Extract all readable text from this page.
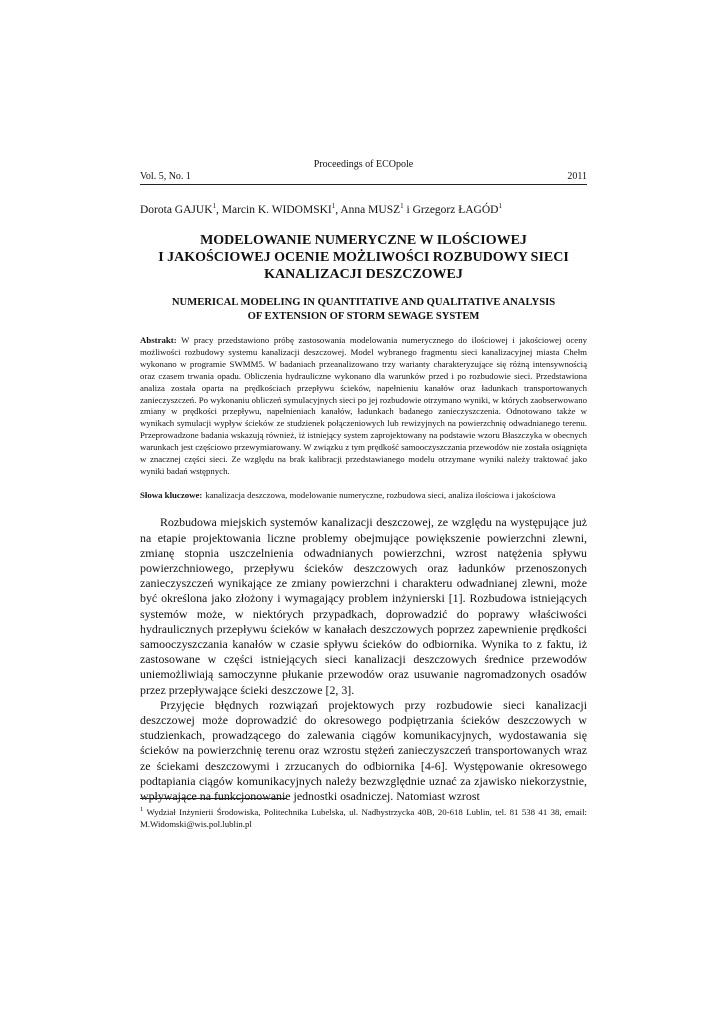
Proceedings of ECOpole
Vol. 5, No. 1	2011
Dorota GAJUK$^1$, Marcin K. WIDOMSKI$^1$, Anna MUSZ$^1$ i Grzegorz ŁAGÓD$^1$
MODELOWANIE NUMERYCZNE W ILOŚCIOWEJ
I JAKOŚCIOWEJ OCENIE MOŻLIWOŚCI ROZBUDOWY SIECI
KANALIZACJI DESZCZOWEJ
NUMERICAL MODELING IN QUANTITATIVE AND QUALITATIVE ANALYSIS
OF EXTENSION OF STORM SEWAGE SYSTEM
Abstrakt: W pracy przedstawiono próbę zastosowania modelowania numerycznego do ilościowej i jakościowej oceny możliwości rozbudowy systemu kanalizacji deszczowej. Model wybranego fragmentu sieci kanalizacyjnej miasta Chełm wykonano w programie SWMM5. W badaniach przeanalizowano trzy warianty charakteryzujące się różną intensywnością oraz czasem trwania opadu. Obliczenia hydrauliczne wykonano dla warunków przed i po rozbudowie sieci. Przedstawiona analiza została oparta na prędkościach przepływu ścieków, napełnieniu kanałów oraz ładunkach transportowanych zanieczyszczeń. Po wykonaniu obliczeń symulacyjnych sieci po jej rozbudowie otrzymano wyniki, w których zaobserwowano zmiany w prędkości przepływu, napełnieniach kanałów, ładunkach badanego zanieczyszczenia. Odnotowano także w wynikach symulacji wypływ ścieków ze studzienek połączeniowych lub rewizyjnych na powierzchnię odwadnianego terenu. Przeprowadzone badania wskazują również, iż istniejący system zaprojektowany na podstawie wzoru Błaszczyka w obecnych warunkach jest częściowo przewymiarowany. W związku z tym prędkość samooczyszczania przewodów nie została osiągnięta w znacznej części sieci. Ze względu na brak kalibracji przedstawianego modelu otrzymane wyniki należy traktować jako wyniki badań wstępnych.
Słowa kluczowe: kanalizacja deszczowa, modelowanie numeryczne, rozbudowa sieci, analiza ilościowa i jakościowa

Rozbudowa miejskich systemów kanalizacji deszczowej, ze względu na występujące już na etapie projektowania liczne problemy obejmujące powiększenie powierzchni zlewni, zmianę stopnia uszczelnienia odwadnianych powierzchni, wzrost natężenia spływu powierzchniowego, przepływu ścieków deszczowych oraz ładunków przenoszonych zanieczyszczeń wynikające ze zmiany powierzchni i charakteru odwadnianej zlewni, może być określona jako złożony i wymagający problem inżynierski [1]. Rozbudowa istniejących systemów może, w niektórych przypadkach, doprowadzić do poprawy właściwości hydraulicznych przepływu ścieków w kanałach deszczowych poprzez zapewnienie prędkości samooczyszczania kanałów w czasie spływu ścieków do odbiornika. Wynika to z faktu, iż zastosowane w części istniejących sieci kanalizacji deszczowych średnice przewodów uniemożliwiają samoczynne płukanie przewodów oraz usuwanie nagromadzonych osadów przez przepływające ścieki deszczowe [2, 3].

Przyjęcie błędnych rozwiązań projektowych przy rozbudowie sieci kanalizacji deszczowej może doprowadzić do okresowego podpiętrzania ścieków deszczowych w studzienkach, prowadzącego do zalewania ciągów komunikacyjnych, wydostawania się ścieków na powierzchnię terenu oraz wzrostu stężeń zanieczyszczeń transportowanych wraz ze ściekami deszczowymi i zrzucanych do odbiornika [4-6]. Występowanie okresowego podtapiania ciągów komunikacyjnych należy bezwzględnie uznać za zjawisko niekorzystnie, wpływające na funkcjonowanie jednostki osadniczej. Natomiast wzrost

$^1$ Wydział Inżynierii Środowiska, Politechnika Lubelska, ul. Nadbystrzycka 40B, 20-618 Lublin, tel. 81 538 41 38, email: M.Widomski@wis.pol.lublin.pl
